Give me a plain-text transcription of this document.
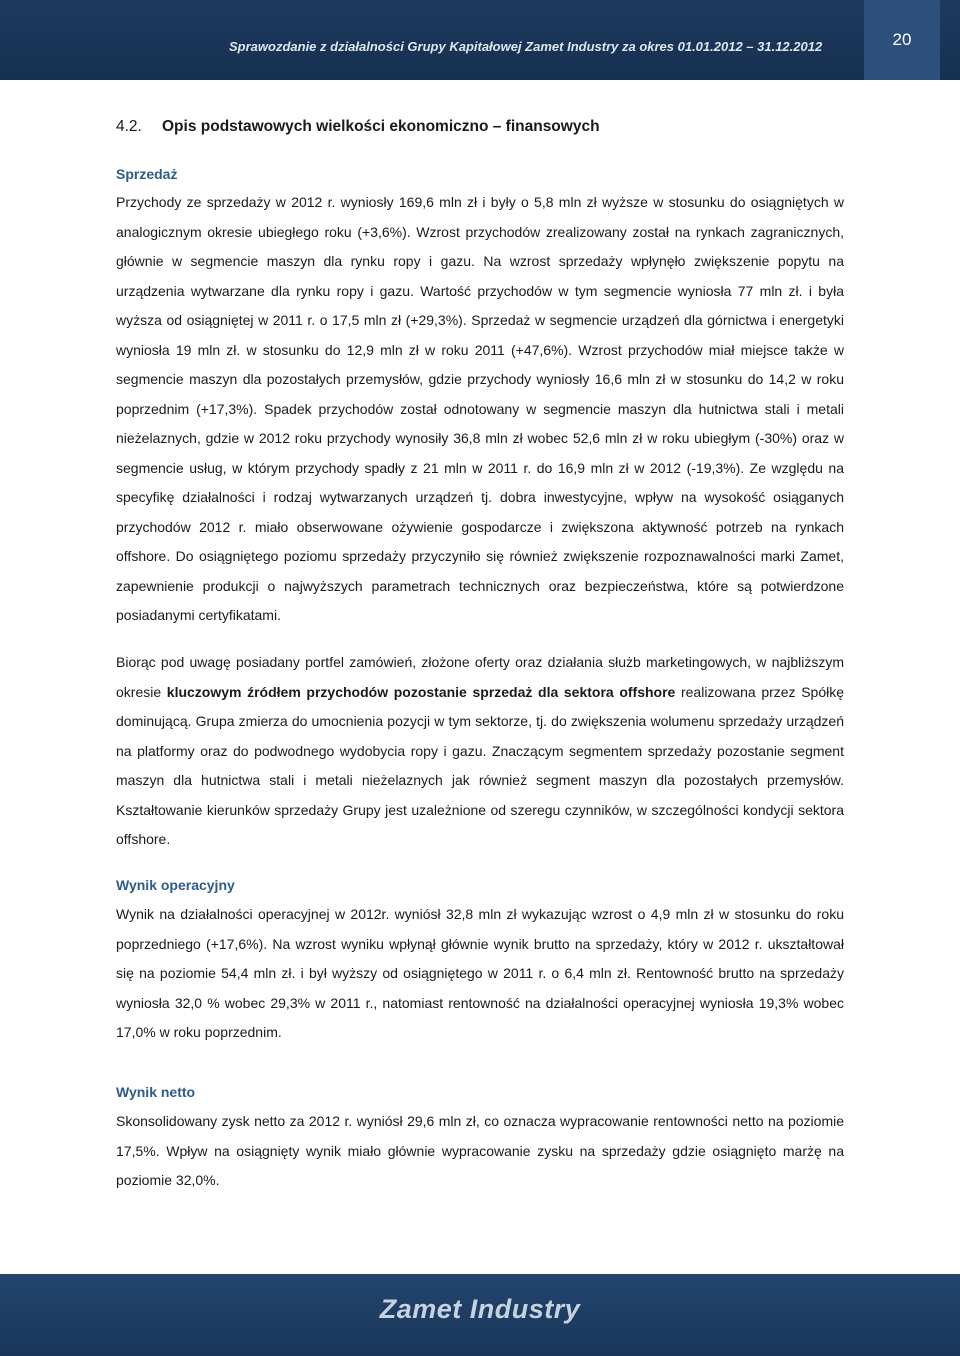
Sprawozdanie z działalności Grupy Kapitałowej Zamet Industry za okres 01.01.2012 – 31.12.2012	20
4.2. Opis podstawowych wielkości ekonomiczno – finansowych
Sprzedaż
Przychody ze sprzedaży w 2012 r. wyniosły 169,6 mln zł i były o 5,8 mln zł wyższe w stosunku do osiągniętych w analogicznym okresie ubiegłego roku (+3,6%). Wzrost przychodów zrealizowany został na rynkach zagranicznych, głównie w segmencie maszyn dla rynku ropy i gazu. Na wzrost sprzedaży wpłynęło zwiększenie popytu na urządzenia wytwarzane dla rynku ropy i gazu. Wartość przychodów w tym segmencie wyniosła 77 mln zł. i była wyższa od osiągniętej w 2011 r. o 17,5 mln zł (+29,3%). Sprzedaż w segmencie urządzeń dla górnictwa i energetyki wyniosła 19 mln zł. w stosunku do 12,9 mln zł w roku 2011 (+47,6%). Wzrost przychodów miał miejsce także w segmencie maszyn dla pozostałych przemysłów, gdzie przychody wyniosły 16,6 mln zł w stosunku do 14,2 w roku poprzednim (+17,3%). Spadek przychodów został odnotowany w segmencie maszyn dla hutnictwa stali i metali nieżelaznych, gdzie w 2012 roku przychody wynosiły 36,8 mln zł wobec 52,6 mln zł w roku ubiegłym (-30%) oraz w segmencie usług, w którym przychody spadły z 21 mln w 2011 r. do 16,9 mln zł w 2012 (-19,3%). Ze względu na specyfikę działalności i rodzaj wytwarzanych urządzeń tj. dobra inwestycyjne, wpływ na wysokość osiąganych przychodów 2012 r. miało obserwowane ożywienie gospodarcze i zwiększona aktywność potrzeb na rynkach offshore. Do osiągniętego poziomu sprzedaży przyczyniło się również zwiększenie rozpoznawalności marki Zamet, zapewnienie produkcji o najwyższych parametrach technicznych oraz bezpieczeństwa, które są potwierdzone posiadanymi certyfikatami.
Biorąc pod uwagę posiadany portfel zamówień, złożone oferty oraz działania służb marketingowych, w najbliższym okresie kluczowym źródłem przychodów pozostanie sprzedaż dla sektora offshore realizowana przez Spółkę dominującą. Grupa zmierza do umocnienia pozycji w tym sektorze, tj. do zwiększenia wolumenu sprzedaży urządzeń na platformy oraz do podwodnego wydobycia ropy i gazu. Znaczącym segmentem sprzedaży pozostanie segment maszyn dla hutnictwa stali i metali nieżelaznych jak również segment maszyn dla pozostałych przemysłów. Kształtowanie kierunków sprzedaży Grupy jest uzależnione od szeregu czynników, w szczególności kondycji sektora offshore.
Wynik operacyjny
Wynik na działalności operacyjnej w 2012r. wyniósł 32,8 mln zł wykazując wzrost o 4,9 mln zł w stosunku do roku poprzedniego (+17,6%). Na wzrost wyniku wpłynął głównie wynik brutto na sprzedaży, który w 2012 r. ukształtował się na poziomie 54,4 mln zł. i był wyższy od osiągniętego w 2011 r. o 6,4 mln zł. Rentowność brutto na sprzedaży wyniosła 32,0 % wobec 29,3% w 2011 r., natomiast rentowność na działalności operacyjnej wyniosła 19,3% wobec 17,0% w roku poprzednim.
Wynik netto
Skonsolidowany zysk netto za 2012 r. wyniósł 29,6 mln zł, co oznacza wypracowanie rentowności netto na poziomie 17,5%. Wpływ na osiągnięty wynik miało głównie wypracowanie zysku na sprzedaży gdzie osiągnięto marżę na poziomie 32,0%.
Zamet Industry
